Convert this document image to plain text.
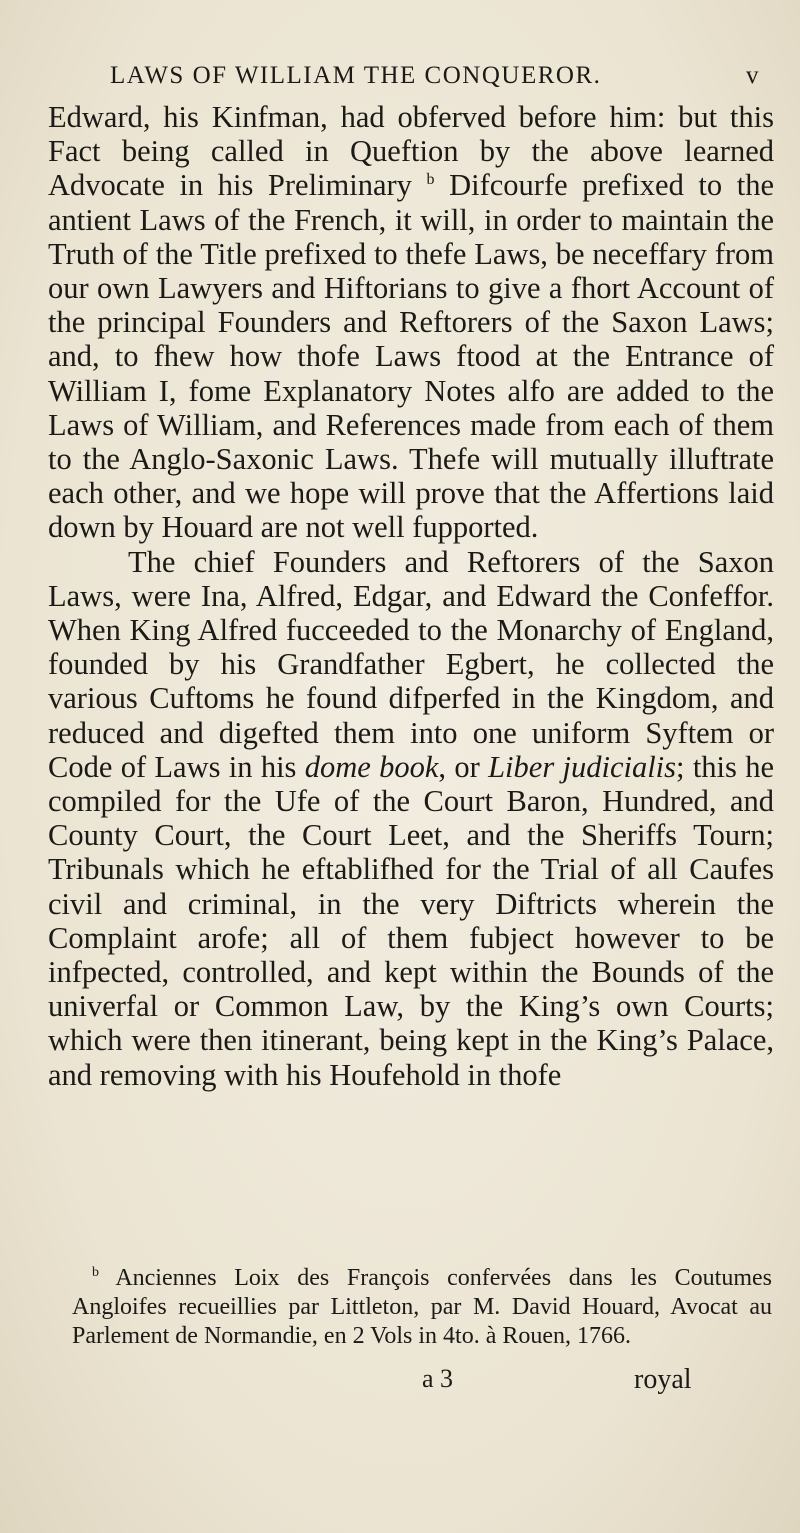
LAWS OF WILLIAM THE CONQUEROR.	v

Edward, his Kinfman, had obferved before him: but this Fact being called in Queftion by the above learned Advocate in his Preliminary $^b$ Difcourfe prefixed to the antient Laws of the French, it will, in order to maintain the Truth of the Title prefixed to thefe Laws, be neceffary from our own Lawyers and Hiftorians to give a fhort Account of the principal Founders and Reftorers of the Saxon Laws; and, to fhew how thofe Laws ftood at the Entrance of William I, fome Explanatory Notes alfo are added to the Laws of William, and References made from each of them to the Anglo-Saxonic Laws. Thefe will mutually illuftrate each other, and we hope will prove that the Affertions laid down by Houard are not well fupported.

The chief Founders and Reftorers of the Saxon Laws, were Ina, Alfred, Edgar, and Edward the Confeffor. When King Alfred fucceeded to the Monarchy of England, founded by his Grandfather Egbert, he collected the various Cuftoms he found difperfed in the Kingdom, and reduced and digefted them into one uniform Syftem or Code of Laws in his dome book, or Liber judicialis; this he compiled for the Ufe of the Court Baron, Hundred, and County Court, the Court Leet, and the Sheriffs Tourn; Tribunals which he eftablifhed for the Trial of all Caufes civil and criminal, in the very Diftricts wherein the Complaint arofe; all of them fubject however to be infpected, controlled, and kept within the Bounds of the univerfal or Common Law, by the King’s own Courts; which were then itinerant, being kept in the King’s Palace, and removing with his Houfehold in thofe

$^b$ Anciennes Loix des François confervées dans les Coutumes Angloifes recueillies par Littleton, par M. David Houard, Avocat au Parlement de Normandie, en 2 Vols in 4to. à Rouen, 1766.

a 3	royal
